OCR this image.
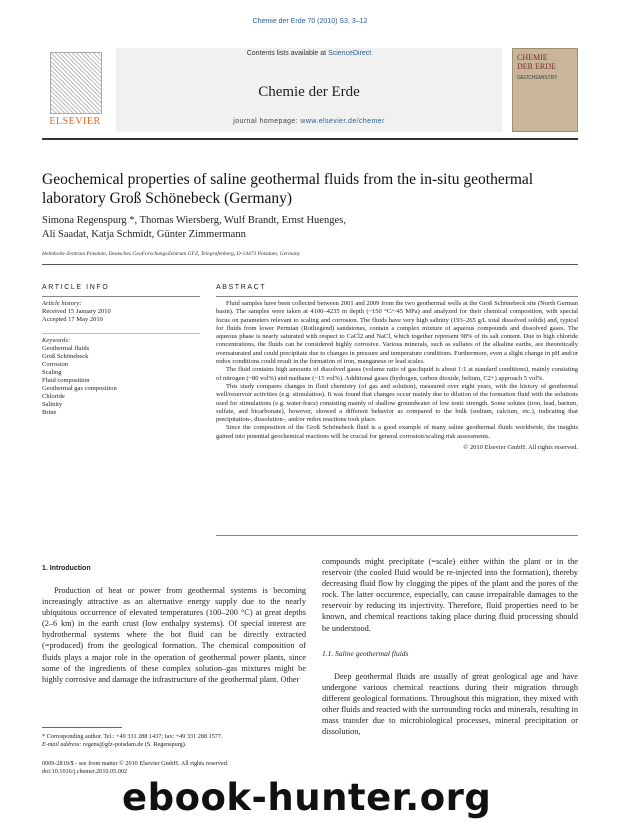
Chemie der Erde 70 (2010) S3, 3–12
ELSEVIER
Contents lists available at ScienceDirect
Chemie der Erde
journal homepage: www.elsevier.de/chemer
CHEMIE
DER ERDE
GEOCHEMISTRY
Geochemical properties of saline geothermal fluids from the in-situ geothermal laboratory Groß Schönebeck (Germany)
Simona Regenspurg *, Thomas Wiersberg, Wulf Brandt, Ernst Huenges,
Ali Saadat, Katja Schmidt, Günter Zimmermann
Helmholtz-Zentrum Potsdam, Deutsches GeoForschungsZentrum GFZ, Telegrafenberg, D-14473 Potsdam, Germany
ARTICLE INFO	ABSTRACT
Article history:
Received 15 January 2010
Accepted 17 May 2010
Keywords:
Geothermal fluids
Groß Schönebeck
Corrosion
Scaling
Fluid composition
Geothermal gas composition
Chloride
Salinity
Brine

Fluid samples have been collected between 2001 and 2009 from the two geothermal wells at the Groß Schönebeck site (North German basin). The samples were taken at 4100–4235 m depth (~150 °C/~45 MPa) and analyzed for their chemical composition, with special focus on parameters relevant to scaling and corrosion. The fluids have very high salinity (193–265 g/L total dissolved solids) and, typical for fluids from lower Permian (Rotliegend) sandstones, contain a complex mixture of aqueous compounds and dissolved gases. The aqueous phase is nearly saturated with respect to CaCl2 and NaCl, which together represent 98% of its salt content. Due to high chloride concentrations, the fluids can be considered highly corrosive. Various minerals, such as sulfates of the alkaline earths, are theoretically oversaturated and could precipitate due to changes in pressure and temperature conditions. Furthermore, even a slight change in pH and/or redox conditions could result in the formation of iron, manganese or lead scales.

The fluid contains high amounts of dissolved gases (volume ratio of gas:liquid is about 1:1 at standard conditions), mainly consisting of nitrogen (~80 vol%) and methane (~15 vol%). Additional gases (hydrogen, carbon dioxide, helium, C2+) approach 5 vol%.

This study compares changes in fluid chemistry (of gas and solution), measured over eight years, with the history of geothermal well/reservoir activities (e.g. stimulation). It was found that changes occur mainly due to dilution of the formation fluid with the solutions used for stimulations (e.g. water-fracs) consisting mainly of shallow groundwater of low ionic strength. Some solutes (iron, lead, barium, sulfate, and bicarbonate), however, showed a different behavior as compared to the bulk (sodium, calcium, etc.), indicating that precipitation-, dissolution-, and/or redox reactions took place.

Since the composition of the Groß Schönebeck fluid is a good example of many saline geothermal fluids worldwide, the insights gained into potential geochemical reactions will be crucial for general corrosion/scaling risk assessments.

© 2010 Elsevier GmbH. All rights reserved.

1. Introduction

Production of heat or power from geothermal systems is becoming increasingly attractive as an alternative energy supply due to the nearly ubiquitous occurrence of elevated temperatures (100–200 °C) at great depths (2–6 km) in the earth crust (low enthalpy systems). Of special interest are hydrothermal systems where the hot fluid can be directly extracted (=produced) from the geological formation. The chemical composition of fluids plays a major role in the operation of geothermal power plants, since some of the ingredients of these complex solution–gas mixtures might be highly corrosive and damage the infrastructure of the geothermal plant. Other

compounds might precipitate (=scale) either within the plant or in the reservoir (the cooled fluid would be re-injected into the formation), thereby decreasing fluid flow by clogging the pipes of the plant and the pores of the rock. The latter occurence, especially, can cause irrepairable damages to the reservoir by reducing its injectivity. Therefore, fluid properties need to be known, and chemical reactions taking place during fluid processing should be understood.

1.1. Saline geothermal fluids

Deep geothermal fluids are usually of great geological age and have undergone various chemical reactions during their migration through different geological formations. Throughout this migration, they mixed with other fluids and reacted with the surrounding rocks and minerals, resulting in mass transfer due to microbiological processes, mineral precipitation or dissolution,

* Corresponding author. Tel.: +49 331 288 1437; fax: +49 331 288 1577.
E-mail address: regens@gfz-potsdam.de (S. Regenspurg).
0009-2819/$ - see front matter © 2010 Elsevier GmbH. All rights reserved.
doi:10.1016/j.chemer.2010.05.002
ebook-hunter.org
